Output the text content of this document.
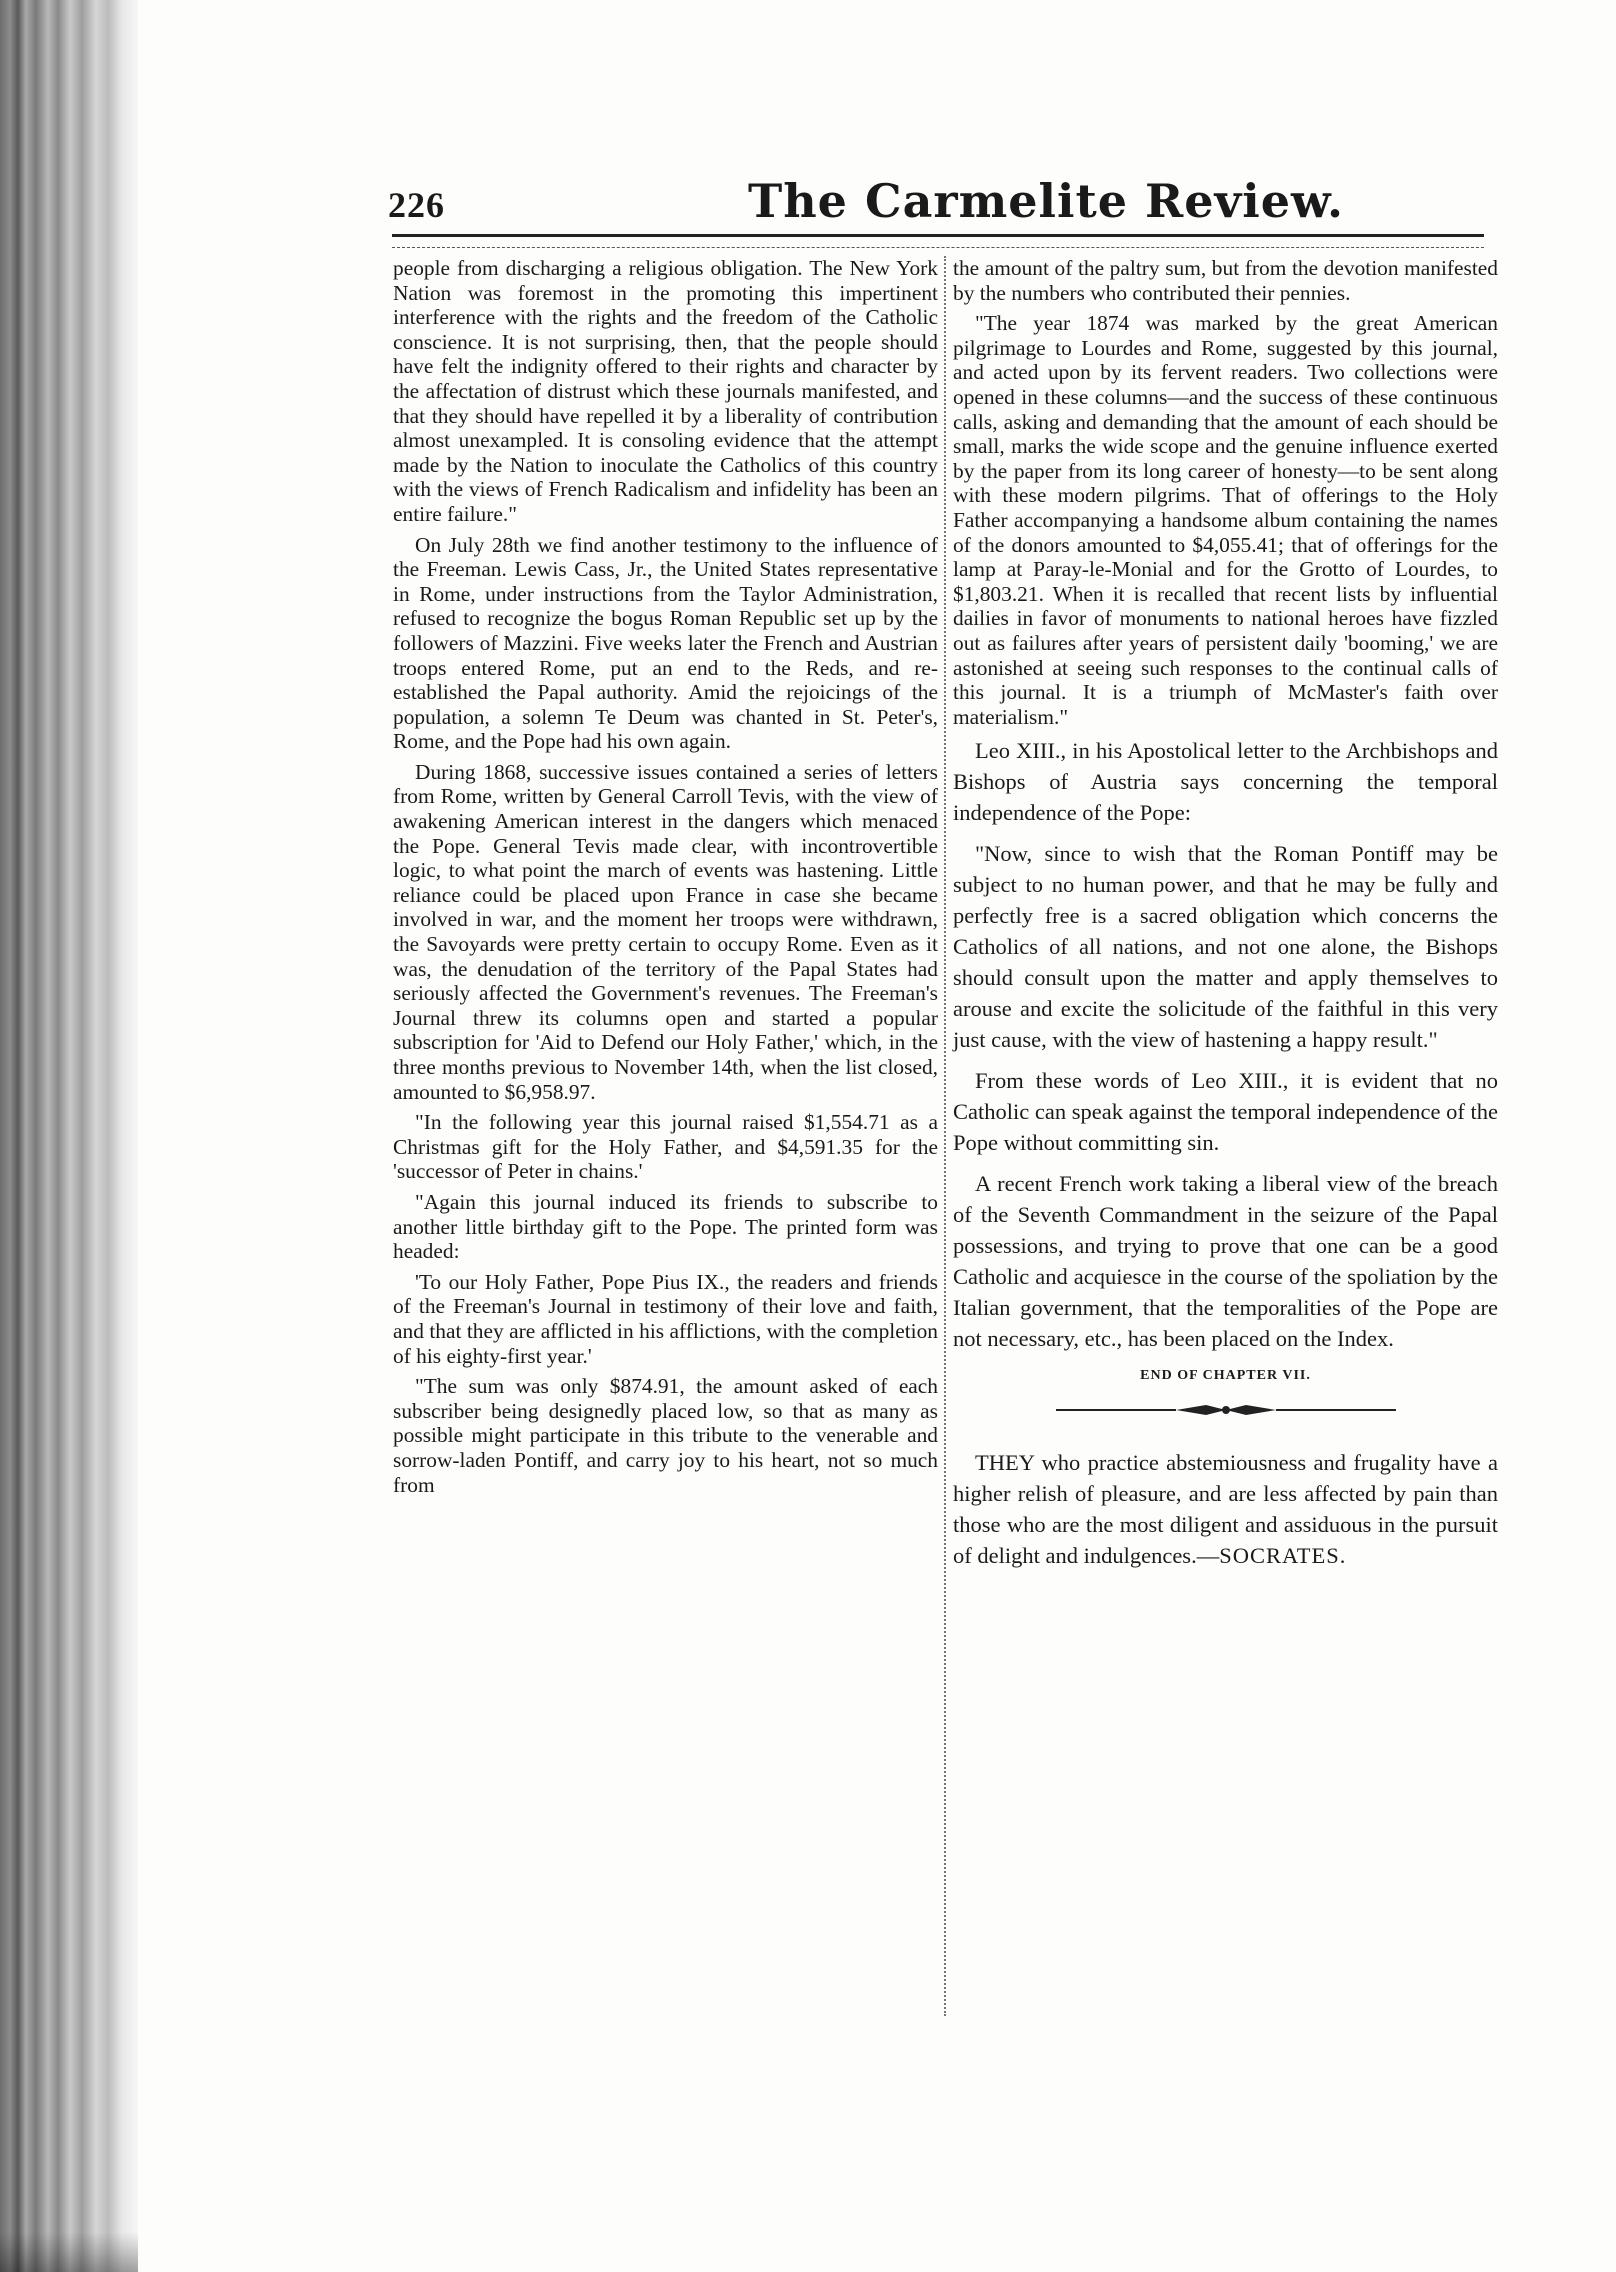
226	The Carmelite Review.

people from discharging a religious obligation. The New York Nation was foremost in the promoting this impertinent interference with the rights and the freedom of the Catholic conscience. It is not surprising, then, that the people should have felt the indignity offered to their rights and character by the affectation of distrust which these journals manifested, and that they should have repelled it by a liberality of contribution almost unexampled. It is consoling evidence that the attempt made by the Nation to inoculate the Catholics of this country with the views of French Radicalism and infidelity has been an entire failure."

On July 28th we find another testimony to the influence of the Freeman. Lewis Cass, Jr., the United States representative in Rome, under instructions from the Taylor Administration, refused to recognize the bogus Roman Republic set up by the followers of Mazzini. Five weeks later the French and Austrian troops entered Rome, put an end to the Reds, and re-established the Papal authority. Amid the rejoicings of the population, a solemn Te Deum was chanted in St. Peter's, Rome, and the Pope had his own again.

During 1868, successive issues contained a series of letters from Rome, written by General Carroll Tevis, with the view of awakening American interest in the dangers which menaced the Pope. General Tevis made clear, with incontrovertible logic, to what point the march of events was hastening. Little reliance could be placed upon France in case she became involved in war, and the moment her troops were withdrawn, the Savoyards were pretty certain to occupy Rome. Even as it was, the denudation of the territory of the Papal States had seriously affected the Government's revenues. The Freeman's Journal threw its columns open and started a popular subscription for 'Aid to Defend our Holy Father,' which, in the three months previous to November 14th, when the list closed, amounted to $6,958.97.

"In the following year this journal raised $1,554.71 as a Christmas gift for the Holy Father, and $4,591.35 for the 'successor of Peter in chains.'

"Again this journal induced its friends to subscribe to another little birthday gift to the Pope. The printed form was headed:

'To our Holy Father, Pope Pius IX., the readers and friends of the Freeman's Journal in testimony of their love and faith, and that they are afflicted in his afflictions, with the completion of his eighty-first year.'

"The sum was only $874.91, the amount asked of each subscriber being designedly placed low, so that as many as possible might participate in this tribute to the venerable and sorrow-laden Pontiff, and carry joy to his heart, not so much from

the amount of the paltry sum, but from the devotion manifested by the numbers who contributed their pennies.

"The year 1874 was marked by the great American pilgrimage to Lourdes and Rome, suggested by this journal, and acted upon by its fervent readers. Two collections were opened in these columns—and the success of these continuous calls, asking and demanding that the amount of each should be small, marks the wide scope and the genuine influence exerted by the paper from its long career of honesty—to be sent along with these modern pilgrims. That of offerings to the Holy Father accompanying a handsome album containing the names of the donors amounted to $4,055.41; that of offerings for the lamp at Paray-le-Monial and for the Grotto of Lourdes, to $1,803.21. When it is recalled that recent lists by influential dailies in favor of monuments to national heroes have fizzled out as failures after years of persistent daily 'booming,' we are astonished at seeing such responses to the continual calls of this journal. It is a triumph of McMaster's faith over materialism."

Leo XIII., in his Apostolical letter to the Archbishops and Bishops of Austria says concerning the temporal independence of the Pope:

"Now, since to wish that the Roman Pontiff may be subject to no human power, and that he may be fully and perfectly free is a sacred obligation which concerns the Catholics of all nations, and not one alone, the Bishops should consult upon the matter and apply themselves to arouse and excite the solicitude of the faithful in this very just cause, with the view of hastening a happy result."

From these words of Leo XIII., it is evident that no Catholic can speak against the temporal independence of the Pope without committing sin.

A recent French work taking a liberal view of the breach of the Seventh Commandment in the seizure of the Papal possessions, and trying to prove that one can be a good Catholic and acquiesce in the course of the spoliation by the Italian government, that the temporalities of the Pope are not necessary, etc., has been placed on the Index.

END OF CHAPTER VII.

THEY who practice abstemiousness and frugality have a higher relish of pleasure, and are less affected by pain than those who are the most diligent and assiduous in the pursuit of delight and indulgences.—SOCRATES.
